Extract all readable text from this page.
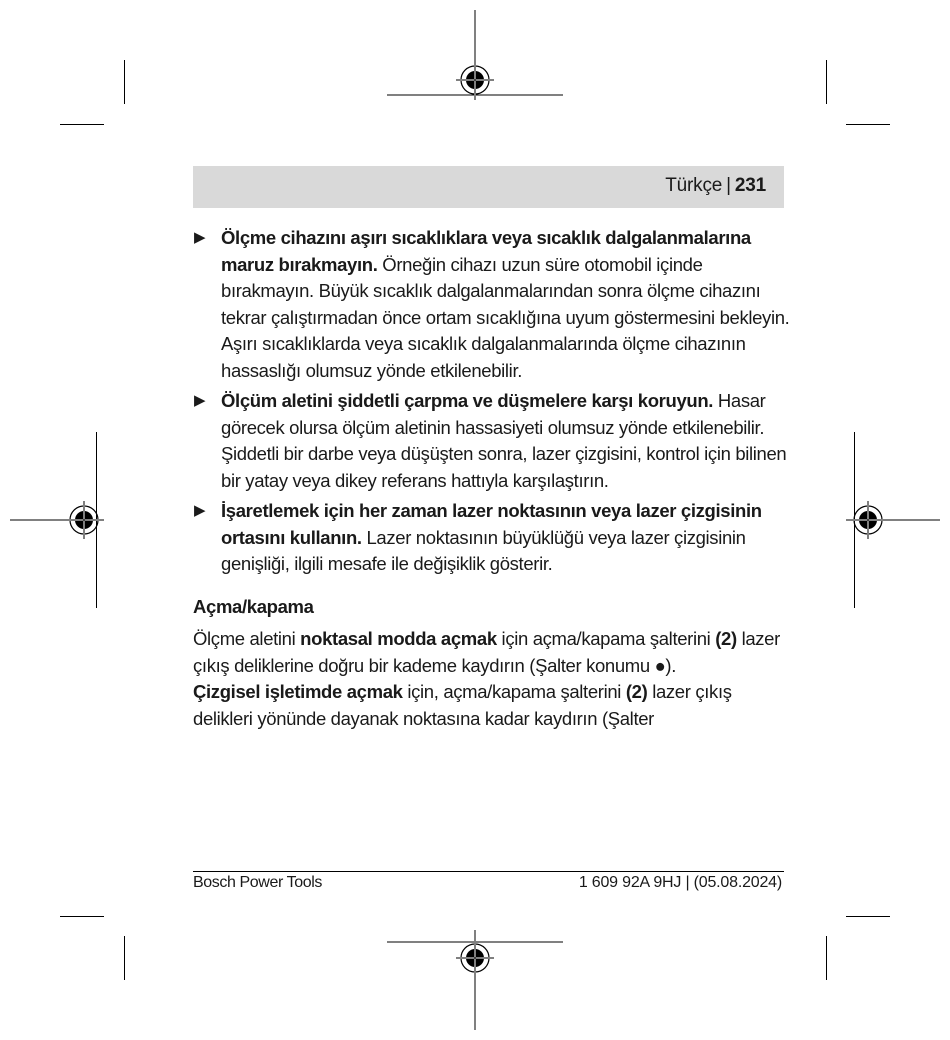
Türkçe | 231
▶ Ölçme cihazını aşırı sıcaklıklara veya sıcaklık dalgalanmalarına maruz bırakmayın. Örneğin cihazı uzun süre otomobil içinde bırakmayın. Büyük sıcaklık dalgalanmalarından sonra ölçme cihazını tekrar çalıştırmadan önce ortam sıcaklığına uyum göstermesini bekleyin. Aşırı sıcaklıklarda veya sıcaklık dalgalanmalarında ölçme cihazının hassaslığı olumsuz yönde etkilenebilir.
▶ Ölçüm aletini şiddetli çarpma ve düşmelere karşı koruyun. Hasar görecek olursa ölçüm aletinin hassasiyeti olumsuz yönde etkilenebilir. Şiddetli bir darbe veya düşüşten sonra, lazer çizgisini, kontrol için bilinen bir yatay veya dikey referans hattıyla karşılaştırın.
▶ İşaretlemek için her zaman lazer noktasının veya lazer çizgisinin ortasını kullanın. Lazer noktasının büyüklüğü veya lazer çizgisinin genişliği, ilgili mesafe ile değişiklik gösterir.
Açma/kapama

Ölçme aletini noktasal modda açmak için açma/kapama şalterini (2) lazer çıkış deliklerine doğru bir kademe kaydırın (Şalter konumu ●).

Çizgisel işletimde açmak için, açma/kapama şalterini (2) lazer çıkış delikleri yönünde dayanak noktasına kadar kaydırın (Şalter

Bosch Power Tools	1 609 92A 9HJ | (05.08.2024)
